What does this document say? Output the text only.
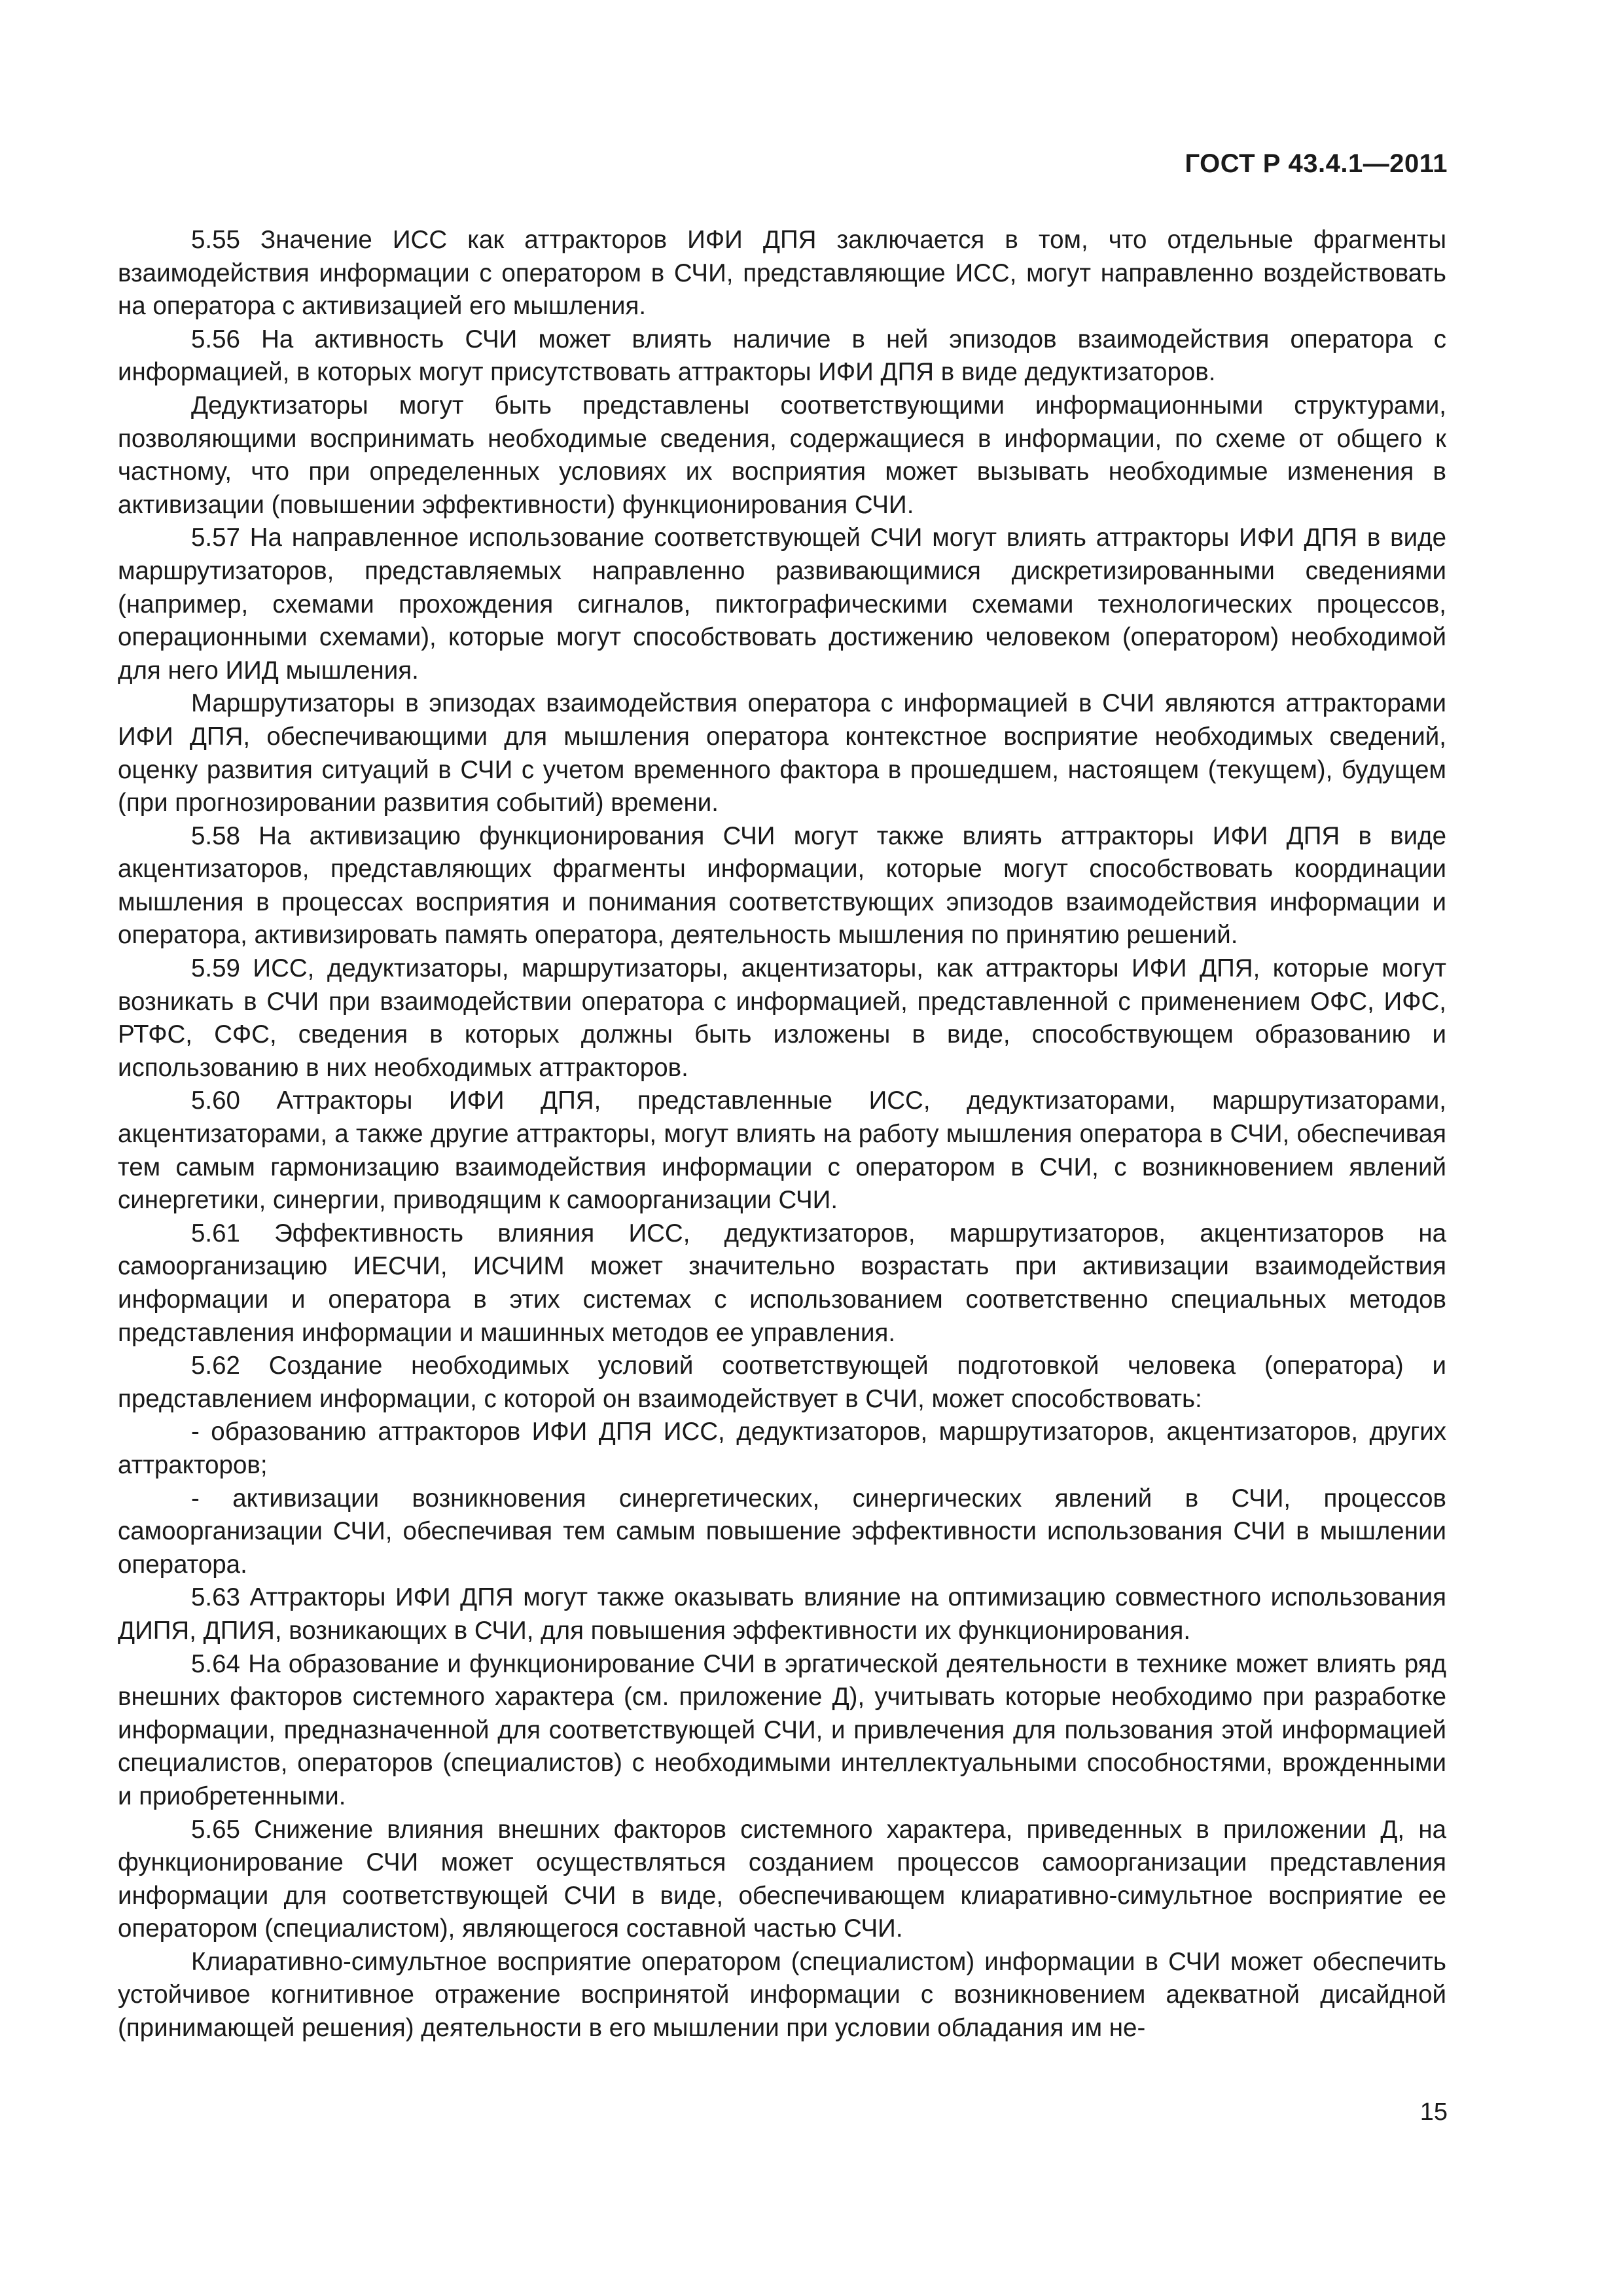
ГОСТ Р 43.4.1—2011

5.55 Значение ИСС как аттракторов ИФИ ДПЯ заключается в том, что отдельные фрагменты взаимодействия информации с оператором в СЧИ, представляющие ИСС, могут направленно воздействовать на оператора с активизацией его мышления.

5.56 На активность СЧИ может влиять наличие в ней эпизодов взаимодействия оператора с информацией, в которых могут присутствовать аттракторы ИФИ ДПЯ в виде дедуктизаторов.

Дедуктизаторы могут быть представлены соответствующими информационными структурами, позволяющими воспринимать необходимые сведения, содержащиеся в информации, по схеме от общего к частному, что при определенных условиях их восприятия может вызывать необходимые изменения в активизации (повышении эффективности) функционирования СЧИ.

5.57 На направленное использование соответствующей СЧИ могут влиять аттракторы ИФИ ДПЯ в виде маршрутизаторов, представляемых направленно развивающимися дискретизированными сведениями (например, схемами прохождения сигналов, пиктографическими схемами технологических процессов, операционными схемами), которые могут способствовать достижению человеком (оператором) необходимой для него ИИД мышления.

Маршрутизаторы в эпизодах взаимодействия оператора с информацией в СЧИ являются аттракторами ИФИ ДПЯ, обеспечивающими для мышления оператора контекстное восприятие необходимых сведений, оценку развития ситуаций в СЧИ с учетом временного фактора в прошедшем, настоящем (текущем), будущем (при прогнозировании развития событий) времени.

5.58 На активизацию функционирования СЧИ могут также влиять аттракторы ИФИ ДПЯ в виде акцентизаторов, представляющих фрагменты информации, которые могут способствовать координации мышления в процессах восприятия и понимания соответствующих эпизодов взаимодействия информации и оператора, активизировать память оператора, деятельность мышления по принятию решений.

5.59 ИСС, дедуктизаторы, маршрутизаторы, акцентизаторы, как аттракторы ИФИ ДПЯ, которые могут возникать в СЧИ при взаимодействии оператора с информацией, представленной с применением ОФС, ИФС, РТФС, СФС, сведения в которых должны быть изложены в виде, способствующем образованию и использованию в них необходимых аттракторов.

5.60 Аттракторы ИФИ ДПЯ, представленные ИСС, дедуктизаторами, маршрутизаторами, акцентизаторами, а также другие аттракторы, могут влиять на работу мышления оператора в СЧИ, обеспечивая тем самым гармонизацию взаимодействия информации с оператором в СЧИ, с возникновением явлений синергетики, синергии, приводящим к самоорганизации СЧИ.

5.61 Эффективность влияния ИСС, дедуктизаторов, маршрутизаторов, акцентизаторов на самоорганизацию ИЕСЧИ, ИСЧИМ может значительно возрастать при активизации взаимодействия информации и оператора в этих системах с использованием соответственно специальных методов представления информации и машинных методов ее управления.

5.62 Создание необходимых условий соответствующей подготовкой человека (оператора) и представлением информации, с которой он взаимодействует в СЧИ, может способствовать:

- образованию аттракторов ИФИ ДПЯ ИСС, дедуктизаторов, маршрутизаторов, акцентизаторов, других аттракторов;

- активизации возникновения синергетических, синергических явлений в СЧИ, процессов самоорганизации СЧИ, обеспечивая тем самым повышение эффективности использования СЧИ в мышлении оператора.

5.63 Аттракторы ИФИ ДПЯ могут также оказывать влияние на оптимизацию совместного использования ДИПЯ, ДПИЯ, возникающих в СЧИ, для повышения эффективности их функционирования.

5.64 На образование и функционирование СЧИ в эргатической деятельности в технике может влиять ряд внешних факторов системного характера (см. приложение Д), учитывать которые необходимо при разработке информации, предназначенной для соответствующей СЧИ, и привлечения для пользования этой информацией специалистов, операторов (специалистов) с необходимыми интеллектуальными способностями, врожденными и приобретенными.

5.65 Снижение влияния внешних факторов системного характера, приведенных в приложении Д, на функционирование СЧИ может осуществляться созданием процессов самоорганизации представления информации для соответствующей СЧИ в виде, обеспечивающем клиаративно-симультное восприятие ее оператором (специалистом), являющегося составной частью СЧИ.

Клиаративно-симультное восприятие оператором (специалистом) информации в СЧИ может обеспечить устойчивое когнитивное отражение воспринятой информации с возникновением адекватной дисайдной (принимающей решения) деятельности в его мышлении при условии обладания им не-

15
